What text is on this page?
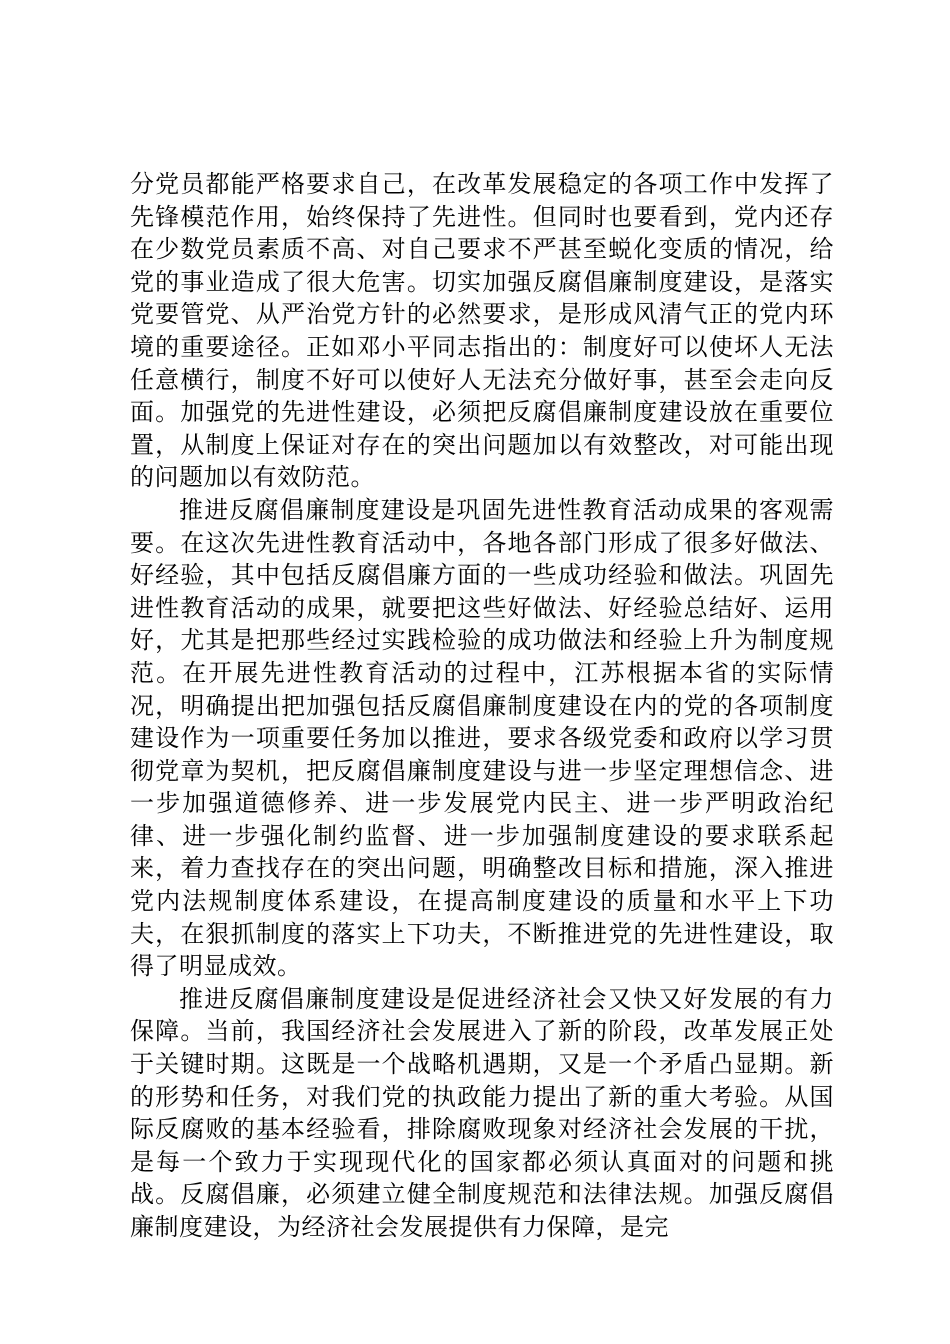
分党员都能严格要求自己，在改革发展稳定的各项工作中发挥了先锋模范作用，始终保持了先进性。但同时也要看到，党内还存在少数党员素质不高、对自己要求不严甚至蜕化变质的情况，给党的事业造成了很大危害。切实加强反腐倡廉制度建设，是落实党要管党、从严治党方针的必然要求，是形成风清气正的党内环境的重要途径。正如邓小平同志指出的：制度好可以使坏人无法任意横行，制度不好可以使好人无法充分做好事，甚至会走向反面。加强党的先进性建设，必须把反腐倡廉制度建设放在重要位置，从制度上保证对存在的突出问题加以有效整改，对可能出现的问题加以有效防范。

推进反腐倡廉制度建设是巩固先进性教育活动成果的客观需要。在这次先进性教育活动中，各地各部门形成了很多好做法、好经验，其中包括反腐倡廉方面的一些成功经验和做法。巩固先进性教育活动的成果，就要把这些好做法、好经验总结好、运用好，尤其是把那些经过实践检验的成功做法和经验上升为制度规范。在开展先进性教育活动的过程中，江苏根据本省的实际情况，明确提出把加强包括反腐倡廉制度建设在内的党的各项制度建设作为一项重要任务加以推进，要求各级党委和政府以学习贯彻党章为契机，把反腐倡廉制度建设与进一步坚定理想信念、进一步加强道德修养、进一步发展党内民主、进一步严明政治纪律、进一步强化制约监督、进一步加强制度建设的要求联系起来，着力查找存在的突出问题，明确整改目标和措施，深入推进党内法规制度体系建设，在提高制度建设的质量和水平上下功夫，在狠抓制度的落实上下功夫，不断推进党的先进性建设，取得了明显成效。

推进反腐倡廉制度建设是促进经济社会又快又好发展的有力保障。当前，我国经济社会发展进入了新的阶段，改革发展正处于关键时期。这既是一个战略机遇期，又是一个矛盾凸显期。新的形势和任务，对我们党的执政能力提出了新的重大考验。从国际反腐败的基本经验看，排除腐败现象对经济社会发展的干扰，是每一个致力于实现现代化的国家都必须认真面对的问题和挑战。反腐倡廉，必须建立健全制度规范和法律法规。加强反腐倡廉制度建设，为经济社会发展提供有力保障，是完
